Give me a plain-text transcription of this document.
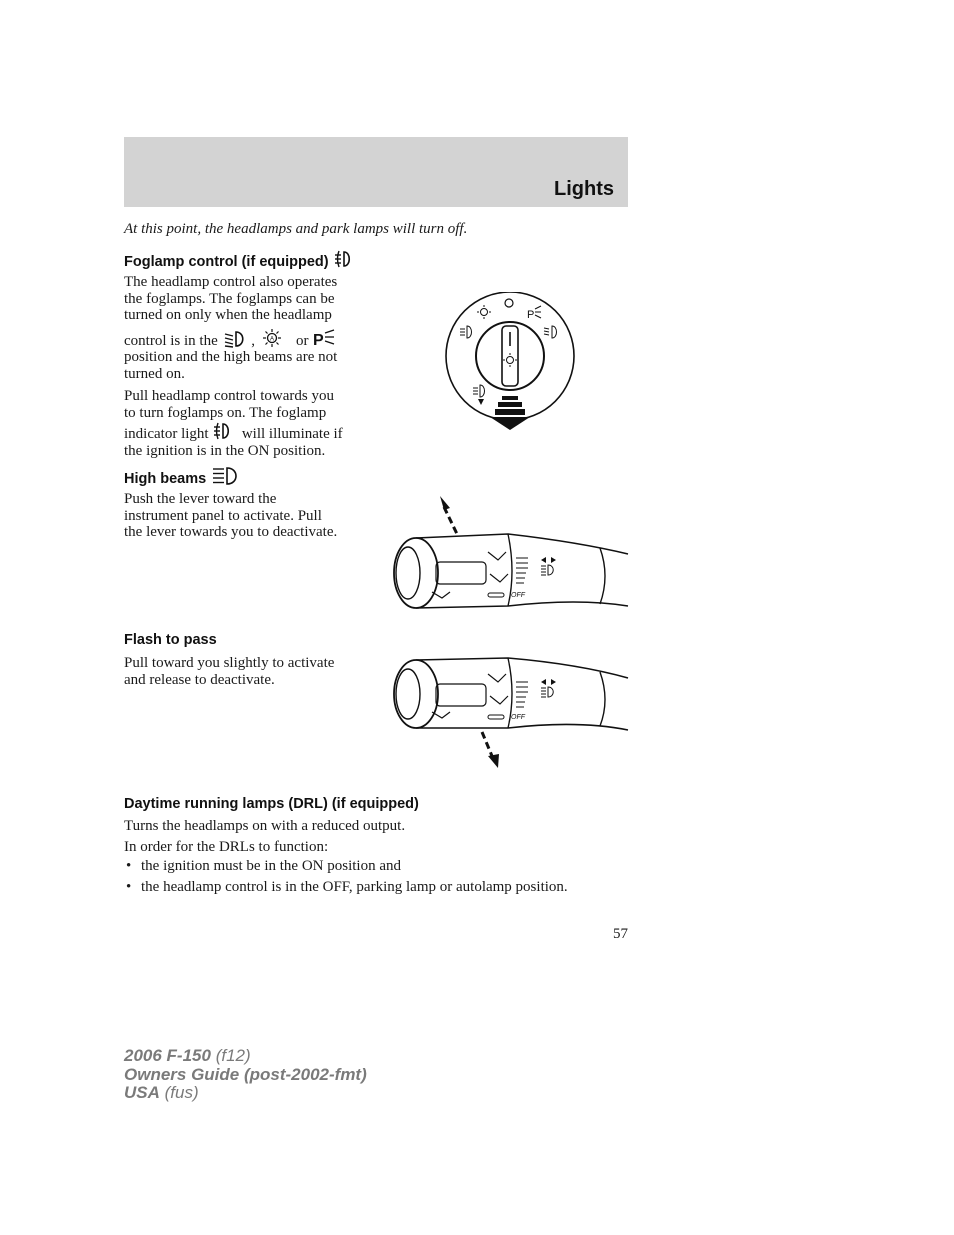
Lights
At this point, the headlamps and park lamps will turn off.
Foglamp control (if equipped)
The headlamp control also operates
the foglamps. The foglamps can be
turned on only when the headlamp
control is in the , A or P
position and the high beams are not
turned on.
Pull headlamp control towards you
to turn foglamps on. The foglamp
indicator light will illuminate if
the ignition is in the ON position.
P
High beams
Push the lever toward the
instrument panel to activate. Pull
the lever towards you to deactivate.
OFF
Flash to pass
Pull toward you slightly to activate
and release to deactivate.
OFF
Daytime running lamps (DRL) (if equipped)
Turns the headlamps on with a reduced output.
In order for the DRLs to function:
• the ignition must be in the ON position and
• the headlamp control is in the OFF, parking lamp or autolamp position.
57
2006 F-150 (f12)
Owners Guide (post-2002-fmt)
USA (fus)
